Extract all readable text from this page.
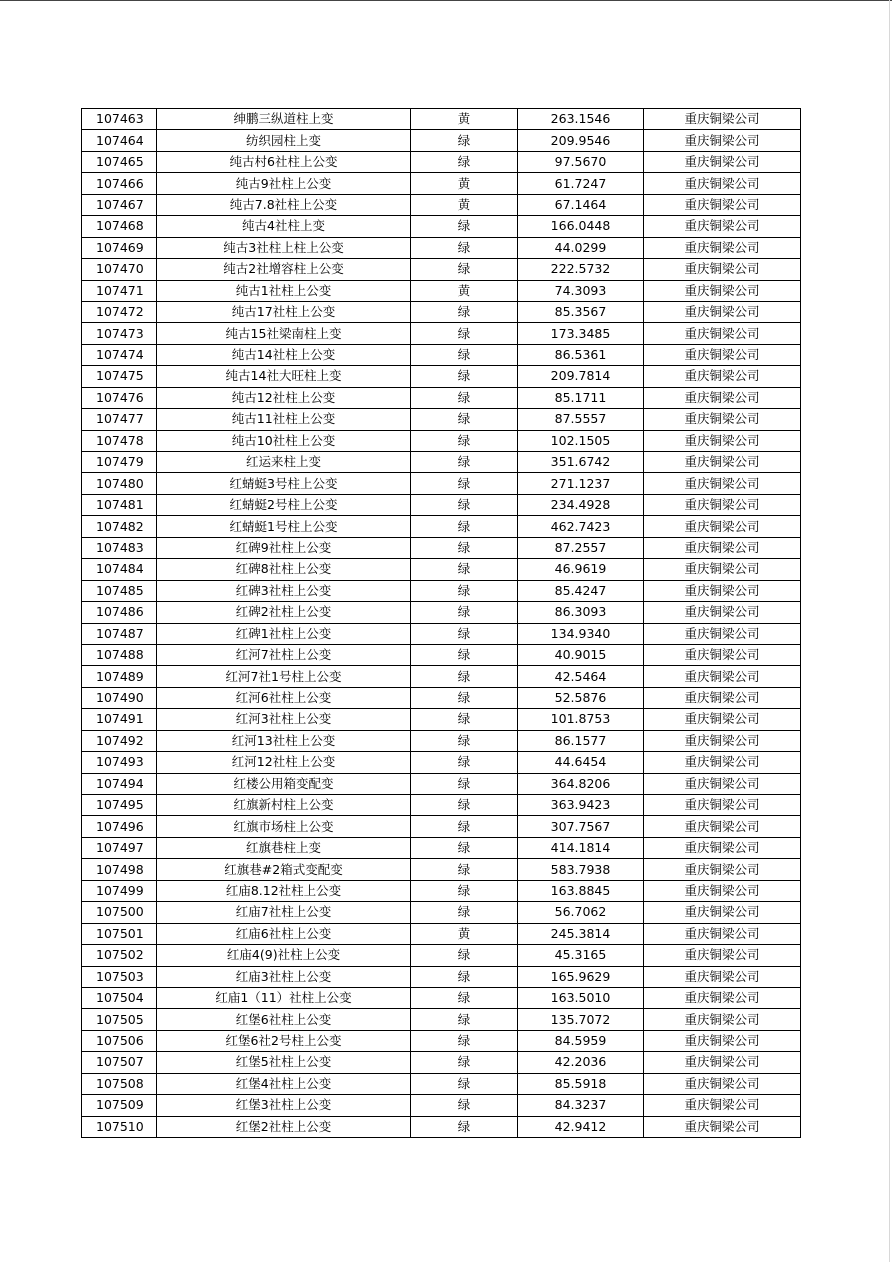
107463	绅鹏三纵道柱上变	黄	263.1546	重庆铜梁公司
107464	纺织园柱上变	绿	209.9546	重庆铜梁公司
107465	纯古村6社柱上公变	绿	97.5670	重庆铜梁公司
107466	纯古9社柱上公变	黄	61.7247	重庆铜梁公司
107467	纯古7.8社柱上公变	黄	67.1464	重庆铜梁公司
107468	纯古4社柱上变	绿	166.0448	重庆铜梁公司
107469	纯古3社柱上柱上公变	绿	44.0299	重庆铜梁公司
107470	纯古2社增容柱上公变	绿	222.5732	重庆铜梁公司
107471	纯古1社柱上公变	黄	74.3093	重庆铜梁公司
107472	纯古17社柱上公变	绿	85.3567	重庆铜梁公司
107473	纯古15社梁南柱上变	绿	173.3485	重庆铜梁公司
107474	纯古14社柱上公变	绿	86.5361	重庆铜梁公司
107475	纯古14社大旺柱上变	绿	209.7814	重庆铜梁公司
107476	纯古12社柱上公变	绿	85.1711	重庆铜梁公司
107477	纯古11社柱上公变	绿	87.5557	重庆铜梁公司
107478	纯古10社柱上公变	绿	102.1505	重庆铜梁公司
107479	红运来柱上变	绿	351.6742	重庆铜梁公司
107480	红蜻蜓3号柱上公变	绿	271.1237	重庆铜梁公司
107481	红蜻蜓2号柱上公变	绿	234.4928	重庆铜梁公司
107482	红蜻蜓1号柱上公变	绿	462.7423	重庆铜梁公司
107483	红碑9社柱上公变	绿	87.2557	重庆铜梁公司
107484	红碑8社柱上公变	绿	46.9619	重庆铜梁公司
107485	红碑3社柱上公变	绿	85.4247	重庆铜梁公司
107486	红碑2社柱上公变	绿	86.3093	重庆铜梁公司
107487	红碑1社柱上公变	绿	134.9340	重庆铜梁公司
107488	红河7社柱上公变	绿	40.9015	重庆铜梁公司
107489	红河7社1号柱上公变	绿	42.5464	重庆铜梁公司
107490	红河6社柱上公变	绿	52.5876	重庆铜梁公司
107491	红河3社柱上公变	绿	101.8753	重庆铜梁公司
107492	红河13社柱上公变	绿	86.1577	重庆铜梁公司
107493	红河12社柱上公变	绿	44.6454	重庆铜梁公司
107494	红楼公用箱变配变	绿	364.8206	重庆铜梁公司
107495	红旗新村柱上公变	绿	363.9423	重庆铜梁公司
107496	红旗市场柱上公变	绿	307.7567	重庆铜梁公司
107497	红旗巷柱上变	绿	414.1814	重庆铜梁公司
107498	红旗巷#2箱式变配变	绿	583.7938	重庆铜梁公司
107499	红庙8.12社柱上公变	绿	163.8845	重庆铜梁公司
107500	红庙7社柱上公变	绿	56.7062	重庆铜梁公司
107501	红庙6社柱上公变	黄	245.3814	重庆铜梁公司
107502	红庙4(9)社柱上公变	绿	45.3165	重庆铜梁公司
107503	红庙3社柱上公变	绿	165.9629	重庆铜梁公司
107504	红庙1（11）社柱上公变	绿	163.5010	重庆铜梁公司
107505	红堡6社柱上公变	绿	135.7072	重庆铜梁公司
107506	红堡6社2号柱上公变	绿	84.5959	重庆铜梁公司
107507	红堡5社柱上公变	绿	42.2036	重庆铜梁公司
107508	红堡4社柱上公变	绿	85.5918	重庆铜梁公司
107509	红堡3社柱上公变	绿	84.3237	重庆铜梁公司
107510	红堡2社柱上公变	绿	42.9412	重庆铜梁公司
